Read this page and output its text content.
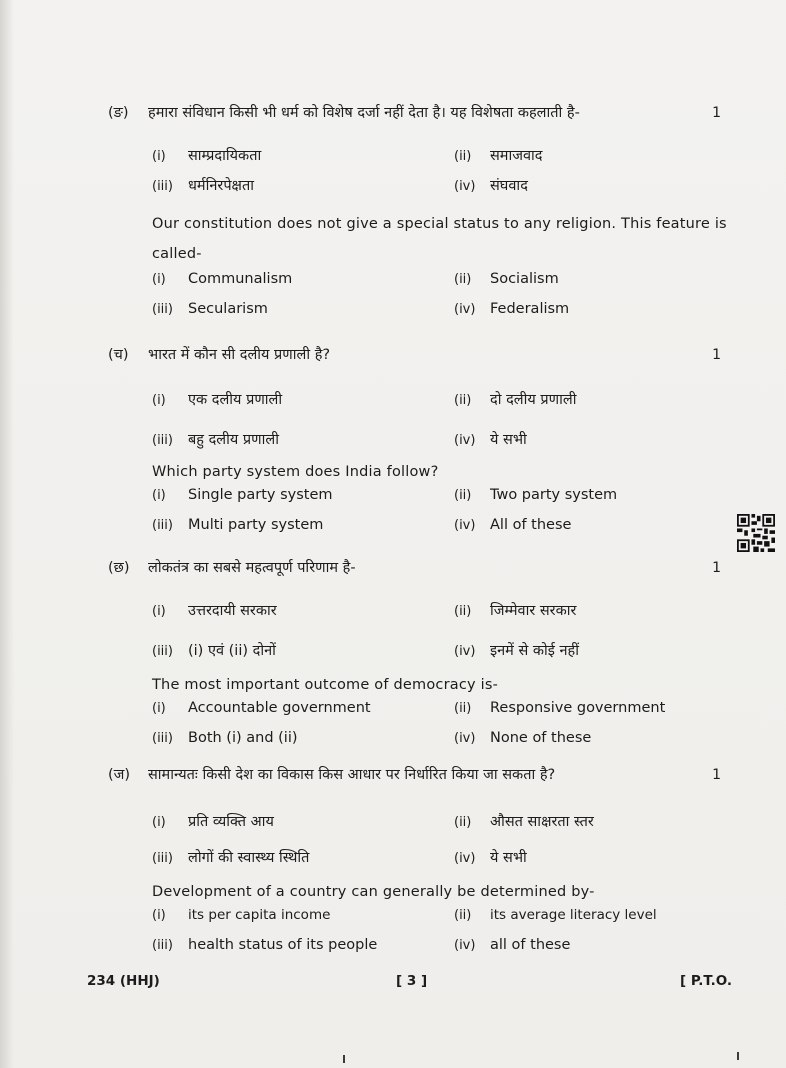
(ङ) हमारा संविधान किसी भी धर्म को विशेष दर्जा नहीं देता है। यह विशेषता कहलाती है-	1
(i) साम्प्रदायिकता	(ii) समाजवाद
(iii) धर्मनिरपेक्षता	(iv) संघवाद
Our constitution does not give a special status to any religion. This feature is called-
(i) Communalism	(ii) Socialism
(iii) Secularism	(iv) Federalism
(च) भारत में कौन सी दलीय प्रणाली है?	1
(i) एक दलीय प्रणाली	(ii) दो दलीय प्रणाली
(iii) बहु दलीय प्रणाली	(iv) ये सभी
Which party system does India follow?
(i) Single party system	(ii) Two party system
(iii) Multi party system	(iv) All of these
(छ) लोकतंत्र का सबसे महत्वपूर्ण परिणाम है-	1
(i) उत्तरदायी सरकार	(ii) जिम्मेवार सरकार
(iii) (i) एवं (ii) दोनों	(iv) इनमें से कोई नहीं
The most important outcome of democracy is-
(i) Accountable government	(ii) Responsive government
(iii) Both (i) and (ii)	(iv) None of these
(ज) सामान्यतः किसी देश का विकास किस आधार पर निर्धारित किया जा सकता है?	1
(i) प्रति व्यक्ति आय	(ii) औसत साक्षरता स्तर
(iii) लोगों की स्वास्थ्य स्थिति	(iv) ये सभी
Development of a country can generally be determined by-
(i) its per capita income	(ii) its average literacy level
(iii) health status of its people	(iv) all of these
234 (HHJ)	[ 3 ]	[ P.T.O.
